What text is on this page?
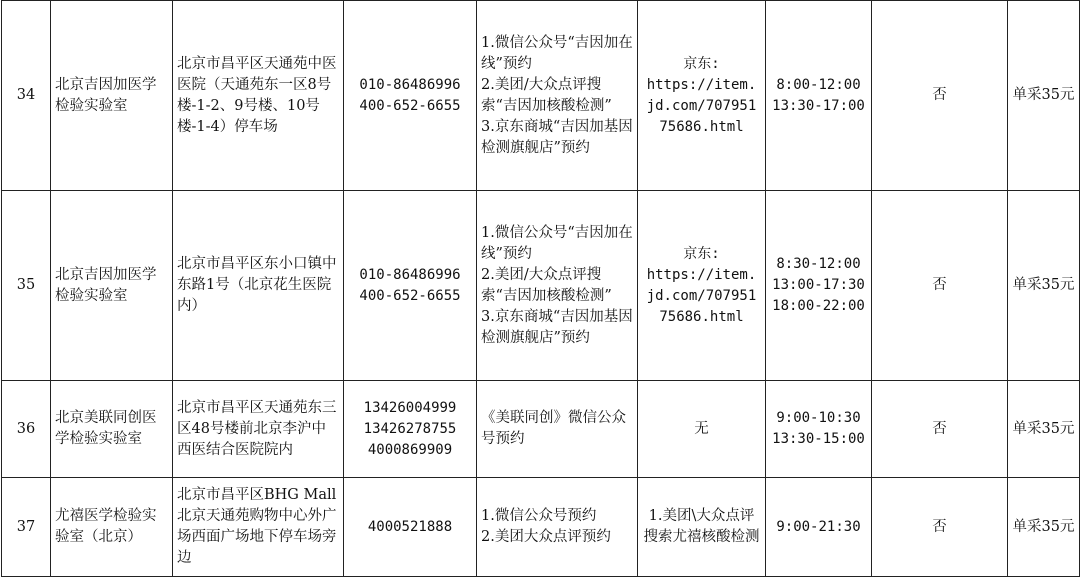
34	北京吉因加医学检验实验室	北京市昌平区天通苑中医医院（天通苑东一区8号楼-1-2、9号楼、10号楼-1-4）停车场	010-86486996
400-652-6655	1.微信公众号“吉因加在线”预约
2.美团/大众点评搜索“吉因加核酸检测”
3.京东商城“吉因加基因检测旗舰店”预约	京东:
https://item.
jd.com/707951
75686.html	8:00-12:00
13:30-17:00	否	单采35元
35	北京吉因加医学检验实验室	北京市昌平区东小口镇中东路1号（北京花生医院内）	010-86486996
400-652-6655	1.微信公众号“吉因加在线”预约
2.美团/大众点评搜索“吉因加核酸检测”
3.京东商城“吉因加基因检测旗舰店”预约	京东:
https://item.
jd.com/707951
75686.html	8:30-12:00
13:00-17:30
18:00-22:00	否	单采35元
36	北京美联同创医学检验实验室	北京市昌平区天通苑东三区48号楼前北京李沪中西医结合医院院内	13426004999
13426278755
4000869909	《美联同创》微信公众号预约	无	9:00-10:30
13:30-15:00	否	单采35元
37	尤禧医学检验实验室（北京）	北京市昌平区BHG Mall北京天通苑购物中心外广场西面广场地下停车场旁边	4000521888	1.微信公众号预约
2.美团大众点评预约	1.美团\大众点评搜索尤禧核酸检测	9:00-21:30	否	单采35元
